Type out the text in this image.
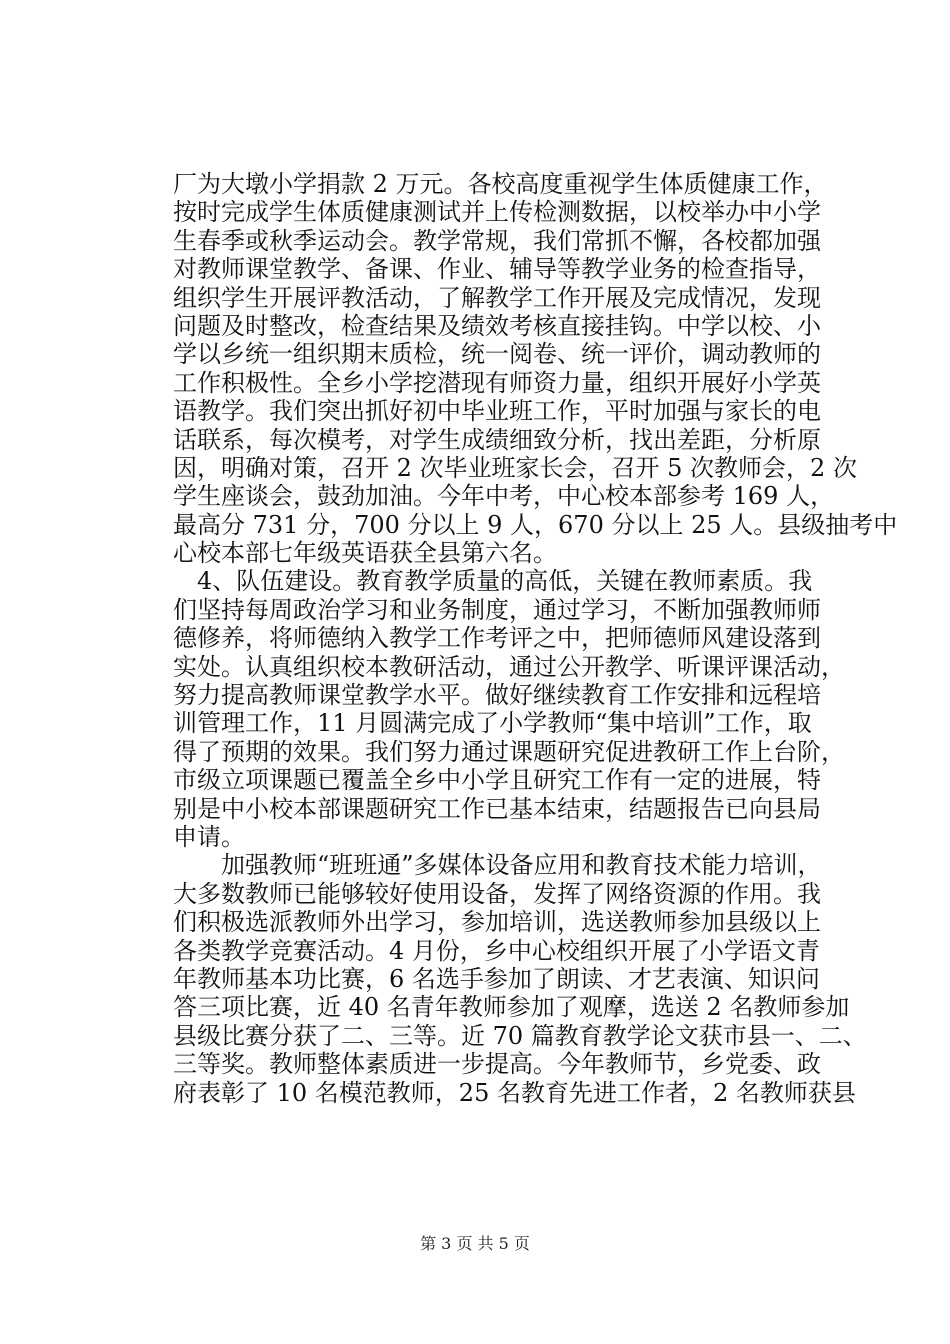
厂为大墩小学捐款 2 万元。各校高度重视学生体质健康工作，
按时完成学生体质健康测试并上传检测数据，以校举办中小学
生春季或秋季运动会。教学常规，我们常抓不懈，各校都加强
对教师课堂教学、备课、作业、辅导等教学业务的检查指导，
组织学生开展评教活动，了解教学工作开展及完成情况，发现
问题及时整改，检查结果及绩效考核直接挂钩。中学以校、小
学以乡统一组织期末质检，统一阅卷、统一评价，调动教师的
工作积极性。全乡小学挖潜现有师资力量，组织开展好小学英
语教学。我们突出抓好初中毕业班工作，平时加强与家长的电
话联系，每次模考，对学生成绩细致分析，找出差距，分析原
因，明确对策，召开 2 次毕业班家长会，召开 5 次教师会，2 次
学生座谈会，鼓劲加油。今年中考，中心校本部参考 169 人，
最高分 731 分，700 分以上 9 人，670 分以上 25 人。县级抽考中
心校本部七年级英语获全县第六名。
　4、队伍建设。教育教学质量的高低，关键在教师素质。我
们坚持每周政治学习和业务制度，通过学习，不断加强教师师
德修养，将师德纳入教学工作考评之中，把师德师风建设落到
实处。认真组织校本教研活动，通过公开教学、听课评课活动，
努力提高教师课堂教学水平。做好继续教育工作安排和远程培
训管理工作，11 月圆满完成了小学教师“集中培训”工作，取
得了预期的效果。我们努力通过课题研究促进教研工作上台阶，
市级立项课题已覆盖全乡中小学且研究工作有一定的进展，特
别是中小校本部课题研究工作已基本结束，结题报告已向县局
申请。
　　加强教师“班班通”多媒体设备应用和教育技术能力培训，
大多数教师已能够较好使用设备，发挥了网络资源的作用。我
们积极选派教师外出学习，参加培训，选送教师参加县级以上
各类教学竞赛活动。4 月份，乡中心校组织开展了小学语文青
年教师基本功比赛，6 名选手参加了朗读、才艺表演、知识问
答三项比赛，近 40 名青年教师参加了观摩，选送 2 名教师参加
县级比赛分获了二、三等。近 70 篇教育教学论文获市县一、二、
三等奖。教师整体素质进一步提高。今年教师节，乡党委、政
府表彰了 10 名模范教师，25 名教育先进工作者，2 名教师获县
第 3 页 共 5 页
